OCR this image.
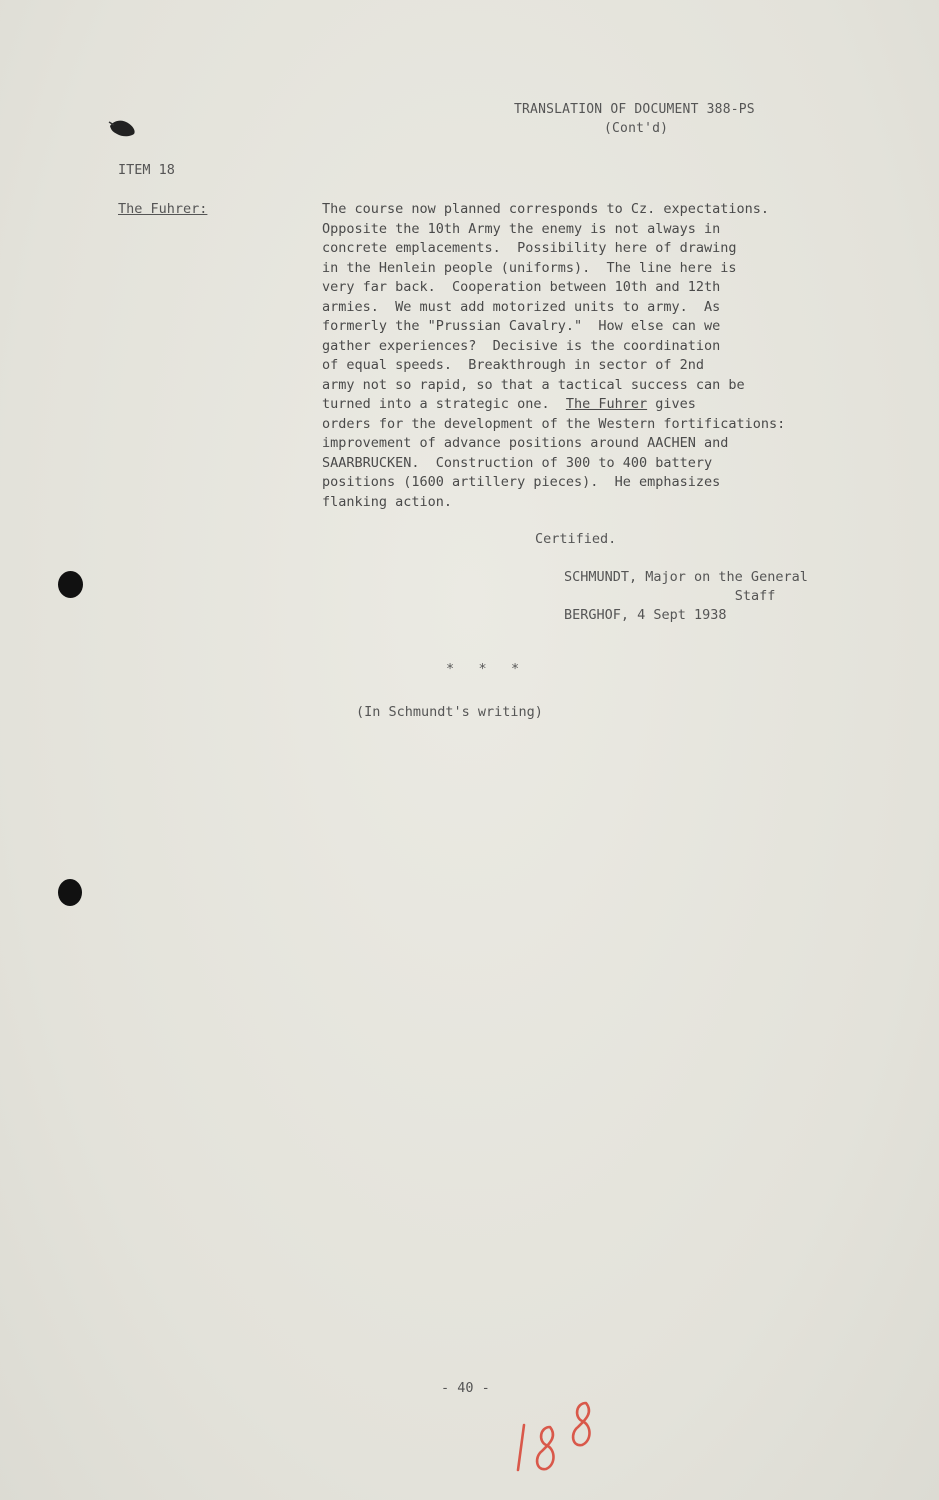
TRANSLATION OF DOCUMENT 388-PS
(Cont'd)
ITEM 18
The Fuhrer:	The course now planned corresponds to Cz. expectations.
Opposite the 10th Army the enemy is not always in
concrete emplacements.  Possibility here of drawing
in the Henlein people (uniforms).  The line here is
very far back.  Cooperation between 10th and 12th
armies.  We must add motorized units to army.  As
formerly the "Prussian Cavalry."  How else can we
gather experiences?  Decisive is the coordination
of equal speeds.  Breakthrough in sector of 2nd
army not so rapid, so that a tactical success can be
turned into a strategic one.  The Fuhrer gives
orders for the development of the Western fortifications:
improvement of advance positions around AACHEN and
SAARBRUCKEN.  Construction of 300 to 400 battery
positions (1600 artillery pieces).  He emphasizes
flanking action.
Certified.
SCHMUNDT, Major on the General
Staff
BERGHOF, 4 Sept 1938
*   *   *
(In Schmundt's writing)
- 40 -
